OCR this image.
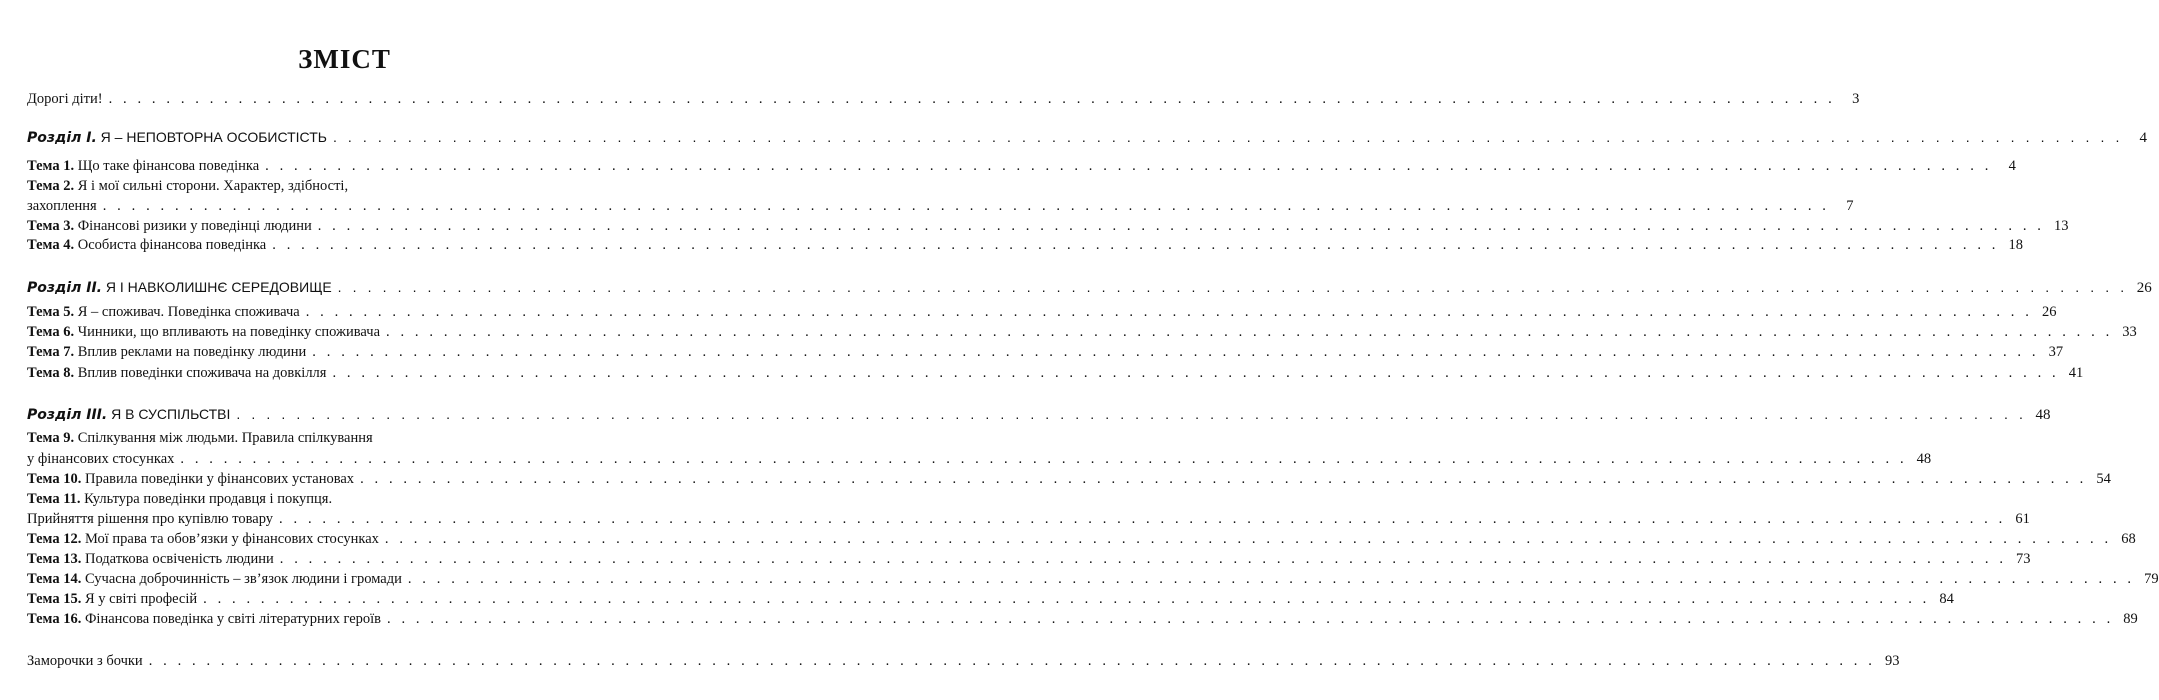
ЗМІСТ
Дорогі діти! . . . . . . . . . . . . . . . . . . . . . . . . . . . . . . . . . . . . . . . . . . . . . . . . . . . . . . . . . . . . . . . . . . . . . . . . . . . . . . . . . . . . . . . . . . . . . . . . . . . . . . . . . . . . . . . . . . . . . . . .	3
Розділ I. Я – НЕПОВТОРНА ОСОБИСТІСТЬ . . . . . . . . . . . . . . . . . . . . . . . . . . . . . . . . . . . . . . . . . . . . . . . . . . . . . . . . . . . . . . . . . . . . . . . . . . . . . . . . . . . . . . . . . . . . . . . . . . . . . . . . . . . . . . . . . . . . . . . .	4
Тема 1. Що таке фінансова поведінка . . . . . . . . . . . . . . . . . . . . . . . . . . . . . . . . . . . . . . . . . . . . . . . . . . . . . . . . . . . . . . . . . . . . . . . . . . . . . . . . . . . . . . . . . . . . . . . . . . . . . . . . . . . . . . . . . . . . . . . .	4
Тема 2. Я і мої сильні сторони. Характер, здібності,
захоплення . . . . . . . . . . . . . . . . . . . . . . . . . . . . . . . . . . . . . . . . . . . . . . . . . . . . . . . . . . . . . . . . . . . . . . . . . . . . . . . . . . . . . . . . . . . . . . . . . . . . . . . . . . . . . . . . . . . . . . . .	7
Тема 3. Фінансові ризики у поведінці людини . . . . . . . . . . . . . . . . . . . . . . . . . . . . . . . . . . . . . . . . . . . . . . . . . . . . . . . . . . . . . . . . . . . . . . . . . . . . . . . . . . . . . . . . . . . . . . . . . . . . . . . . . . . . . . . . . . . . . . . . 13
Тема 4. Особиста фінансова поведінка . . . . . . . . . . . . . . . . . . . . . . . . . . . . . . . . . . . . . . . . . . . . . . . . . . . . . . . . . . . . . . . . . . . . . . . . . . . . . . . . . . . . . . . . . . . . . . . . . . . . . . . . . . . . . . . . . . . . . . . . 18
Розділ II. Я І НАВКОЛИШНЄ СЕРЕДОВИЩЕ . . . . . . . . . . . . . . . . . . . . . . . . . . . . . . . . . . . . . . . . . . . . . . . . . . . . . . . . . . . . . . . . . . . . . . . . . . . . . . . . . . . . . . . . . . . . . . . . . . . . . . . . . . . . . . . . . . . . . . . . 26
Тема 5. Я – споживач. Поведінка споживача . . . . . . . . . . . . . . . . . . . . . . . . . . . . . . . . . . . . . . . . . . . . . . . . . . . . . . . . . . . . . . . . . . . . . . . . . . . . . . . . . . . . . . . . . . . . . . . . . . . . . . . . . . . . . . . . . . . . . . . . 26
Тема 6. Чинники, що впливають на поведінку споживача . . . . . . . . . . . . . . . . . . . . . . . . . . . . . . . . . . . . . . . . . . . . . . . . . . . . . . . . . . . . . . . . . . . . . . . . . . . . . . . . . . . . . . . . . . . . . . . . . . . . . . . . . . . . . . . . . . . . . . . . 33
Тема 7. Вплив реклами на поведінку людини . . . . . . . . . . . . . . . . . . . . . . . . . . . . . . . . . . . . . . . . . . . . . . . . . . . . . . . . . . . . . . . . . . . . . . . . . . . . . . . . . . . . . . . . . . . . . . . . . . . . . . . . . . . . . . . . . . . . . . . . 37
Тема 8. Вплив поведінки споживача на довкілля . . . . . . . . . . . . . . . . . . . . . . . . . . . . . . . . . . . . . . . . . . . . . . . . . . . . . . . . . . . . . . . . . . . . . . . . . . . . . . . . . . . . . . . . . . . . . . . . . . . . . . . . . . . . . . . . . . . . . . . . 41
Розділ III. Я В СУСПІЛЬСТВІ . . . . . . . . . . . . . . . . . . . . . . . . . . . . . . . . . . . . . . . . . . . . . . . . . . . . . . . . . . . . . . . . . . . . . . . . . . . . . . . . . . . . . . . . . . . . . . . . . . . . . . . . . . . . . . . . . . . . . . . . 48
Тема 9. Спілкування між людьми. Правила спілкування
у фінансових стосунках . . . . . . . . . . . . . . . . . . . . . . . . . . . . . . . . . . . . . . . . . . . . . . . . . . . . . . . . . . . . . . . . . . . . . . . . . . . . . . . . . . . . . . . . . . . . . . . . . . . . . . . . . . . . . . . . . . . . . . . . 48
Тема 10. Правила поведінки у фінансових установах . . . . . . . . . . . . . . . . . . . . . . . . . . . . . . . . . . . . . . . . . . . . . . . . . . . . . . . . . . . . . . . . . . . . . . . . . . . . . . . . . . . . . . . . . . . . . . . . . . . . . . . . . . . . . . . . . . . . . . . . 54
Тема 11. Культура поведінки продавця і покупця.
Прийняття рішення про купівлю товару . . . . . . . . . . . . . . . . . . . . . . . . . . . . . . . . . . . . . . . . . . . . . . . . . . . . . . . . . . . . . . . . . . . . . . . . . . . . . . . . . . . . . . . . . . . . . . . . . . . . . . . . . . . . . . . . . . . . . . . . 61
Тема 12. Мої права та обов’язки у фінансових стосунках . . . . . . . . . . . . . . . . . . . . . . . . . . . . . . . . . . . . . . . . . . . . . . . . . . . . . . . . . . . . . . . . . . . . . . . . . . . . . . . . . . . . . . . . . . . . . . . . . . . . . . . . . . . . . . . . . . . . . . . . 68
Тема 13. Податкова освіченість людини . . . . . . . . . . . . . . . . . . . . . . . . . . . . . . . . . . . . . . . . . . . . . . . . . . . . . . . . . . . . . . . . . . . . . . . . . . . . . . . . . . . . . . . . . . . . . . . . . . . . . . . . . . . . . . . . . . . . . . . . 73
Тема 14. Сучасна доброчинність – зв’язок людини і громади . . . . . . . . . . . . . . . . . . . . . . . . . . . . . . . . . . . . . . . . . . . . . . . . . . . . . . . . . . . . . . . . . . . . . . . . . . . . . . . . . . . . . . . . . . . . . . . . . . . . . . . . . . . . . . . . . . . . . . . . 79
Тема 15. Я у світі професій . . . . . . . . . . . . . . . . . . . . . . . . . . . . . . . . . . . . . . . . . . . . . . . . . . . . . . . . . . . . . . . . . . . . . . . . . . . . . . . . . . . . . . . . . . . . . . . . . . . . . . . . . . . . . . . . . . . . . . . . 84
Тема 16. Фінансова поведінка у світі літературних героїв . . . . . . . . . . . . . . . . . . . . . . . . . . . . . . . . . . . . . . . . . . . . . . . . . . . . . . . . . . . . . . . . . . . . . . . . . . . . . . . . . . . . . . . . . . . . . . . . . . . . . . . . . . . . . . . . . . . . . . . . 89
Заморочки з бочки . . . . . . . . . . . . . . . . . . . . . . . . . . . . . . . . . . . . . . . . . . . . . . . . . . . . . . . . . . . . . . . . . . . . . . . . . . . . . . . . . . . . . . . . . . . . . . . . . . . . . . . . . . . . . . . . . . . . . . . . 93
